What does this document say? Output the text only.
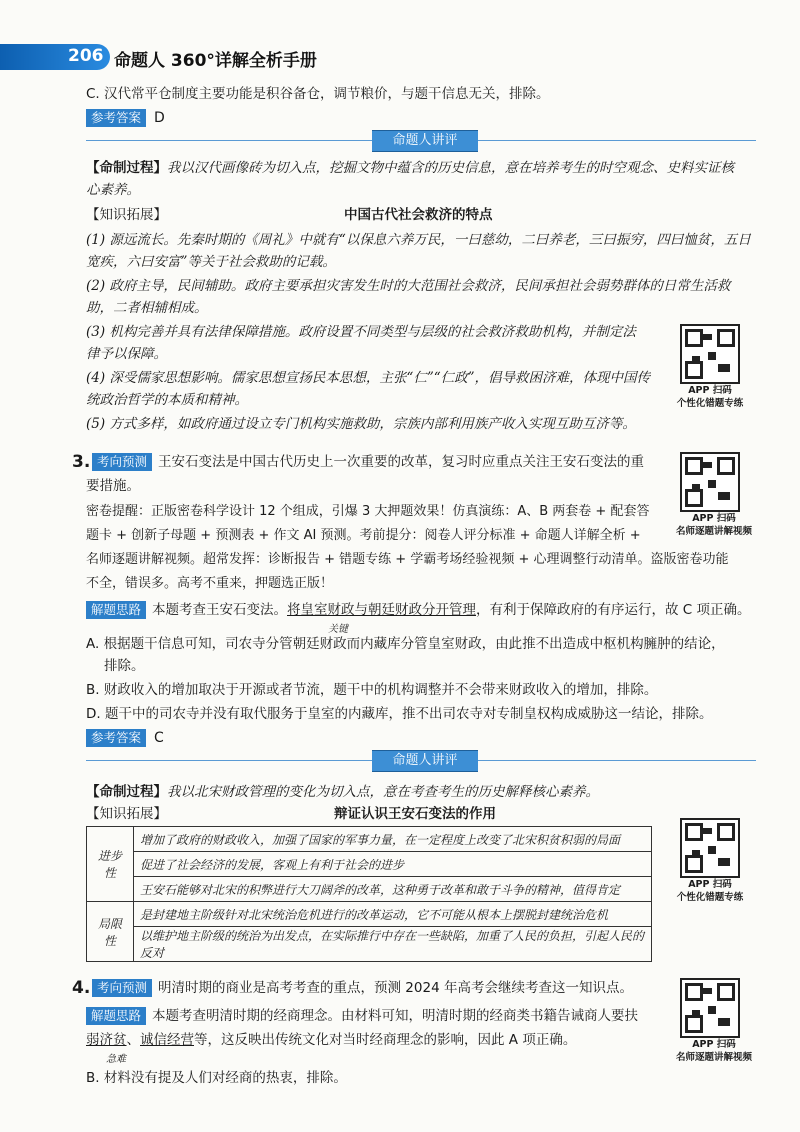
206 命题人 360°详解全析手册
C. 汉代常平仓制度主要功能是积谷备仓，调节粮价，与题干信息无关，排除。
参考答案 D
命题人讲评
【命制过程】我以汉代画像砖为切入点，挖掘文物中蕴含的历史信息，意在培养考生的时空观念、史料实证核
心素养。
【知识拓展】	中国古代社会救济的特点
(1) 源远流长。先秦时期的《周礼》中就有“以保息六养万民，一曰慈幼，二曰养老，三曰振穷，四曰恤贫，五日
宽疾，六曰安富”等关于社会救助的记载。
(2) 政府主导，民间辅助。政府主要承担灾害发生时的大范围社会救济，民间承担社会弱势群体的日常生活救
助，二者相辅相成。
(3) 机构完善并具有法律保障措施。政府设置不同类型与层级的社会救济救助机构，并制定法
律予以保障。
(4) 深受儒家思想影响。儒家思想宣扬民本思想，主张“仁”“仁政”，倡导救困济难，体现中国传
统政治哲学的本质和精神。
(5) 方式多样，如政府通过设立专门机构实施救助，宗族内部利用族产收入实现互助互济等。
APP 扫码
个性化错题专练
3. 考向预测 王安石变法是中国古代历史上一次重要的改革，复习时应重点关注王安石变法的重
要措施。
APP 扫码
名师逐题讲解视频
密卷提醒：正版密卷科学设计 12 个组成，引爆 3 大押题效果！仿真演练：A、B 两套卷 + 配套答
题卡 + 创新子母题 + 预测表 + 作文 AI 预测。考前提分：阅卷人评分标准 + 命题人详解全析 +
名师逐题讲解视频。超常发挥：诊断报告 + 错题专练 + 学霸考场经验视频 + 心理调整行动清单。盗版密卷功能
不全，错误多。高考不重来，押题选正版！
解题思路 本题考查王安石变法。将皇室财政与朝廷财政分开管理，有利于保障政府的有序运行，故 C 项正确。
关键
A. 根据题干信息可知，司农寺分管朝廷财政而内藏库分管皇室财政，由此推不出造成中枢机构臃肿的结论，
排除。
B. 财政收入的增加取决于开源或者节流，题干中的机构调整并不会带来财政收入的增加，排除。
D. 题干中的司农寺并没有取代服务于皇室的内藏库，推不出司农寺对专制皇权构成威胁这一结论，排除。
参考答案 C
命题人讲评
【命制过程】我以北宋财政管理的变化为切入点，意在考查考生的历史解释核心素养。
【知识拓展】	辩证认识王安石变法的作用
进步性	增加了政府的财政收入，加强了国家的军事力量，在一定程度上改变了北宋积贫积弱的局面
	促进了社会经济的发展，客观上有利于社会的进步
	王安石能够对北宋的积弊进行大刀阔斧的改革，这种勇于改革和敢于斗争的精神，值得肯定
局限性	是封建地主阶级针对北宋统治危机进行的改革运动，它不可能从根本上摆脱封建统治危机
	以维护地主阶级的统治为出发点，在实际推行中存在一些缺陷，加重了人民的负担，引起人民的反对
APP 扫码
个性化错题专练
4. 考向预测 明清时期的商业是高考考查的重点，预测 2024 年高考会继续考查这一知识点。
解题思路 本题考查明清时期的经商理念。由材料可知，明清时期的经商类书籍告诫商人要扶
弱济贫、诚信经营等，这反映出传统文化对当时经商理念的影响，因此 A 项正确。
急难
B. 材料没有提及人们对经商的热衷，排除。
APP 扫码
名师逐题讲解视频
